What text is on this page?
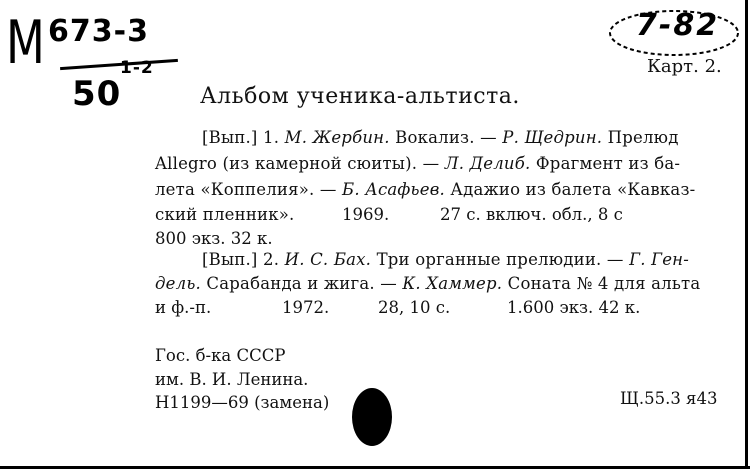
M 673-3
50
1-2
7-82
Карт. 2.
Альбом ученика-альтиста.
[Вып.] 1. М. Жербин. Вокализ. — Р. Щедрин. Прелюд
Allegro (из камерной сюиты). — Л. Делиб. Фрагмент из ба-
лета «Коппелия». — Б. Асафьев. Адажио из балета «Кавказ-
ский пленник».	1969.	27 с. включ. обл., 8 с
800 экз. 32 к.
[Вып.] 2. И. С. Бах. Три органные прелюдии. — Г. Ген-
дель. Сарабанда и жига. — К. Хаммер. Соната № 4 для альта
и ф.-п.	1972.	28, 10 с.	1.600 экз. 42 к.
Гос. б-ка СССР
им. В. И. Ленина.
Н1199—69 (замена)	Щ.55.3 я43
